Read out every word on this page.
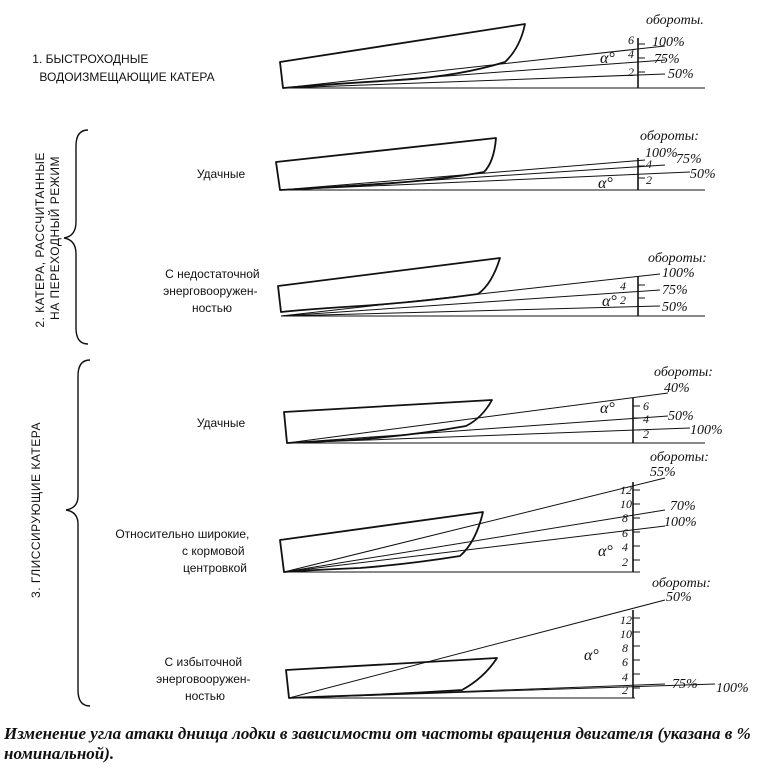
2. КАТЕРА, РАССЧИТАННЫЕ НА ПЕРЕХОДНЫЙ РЕЖИМ
3. ГЛИССИРУЮЩИЕ КАТЕРА
1. БЫСТРОХОДНЫЕ ВОДОИЗМЕЩАЮЩИЕ КАТЕРА
6
4
2
α°
обороты.
100%
75%
50%
Удачные
4
2
α°
обороты:
100%
75%
50%
С недостаточной энерговооружен- ностью
4
2
α°
обороты:
100%
75%
50%
Удачные
6
4
2
α°
обороты:
40%
50%
100%
Относительно широкие, с кормовой центровкой
12
10
8
6
4
2
α°
обороты:
55%
70%
100%
С избыточной энерговооружен- ностью
12
10
8
6
4
2
α°
обороты:
50%
75% 100%

Изменение угла атаки днища лодки в зависимости от частоты вращения двигателя (указана в % номинальной).
